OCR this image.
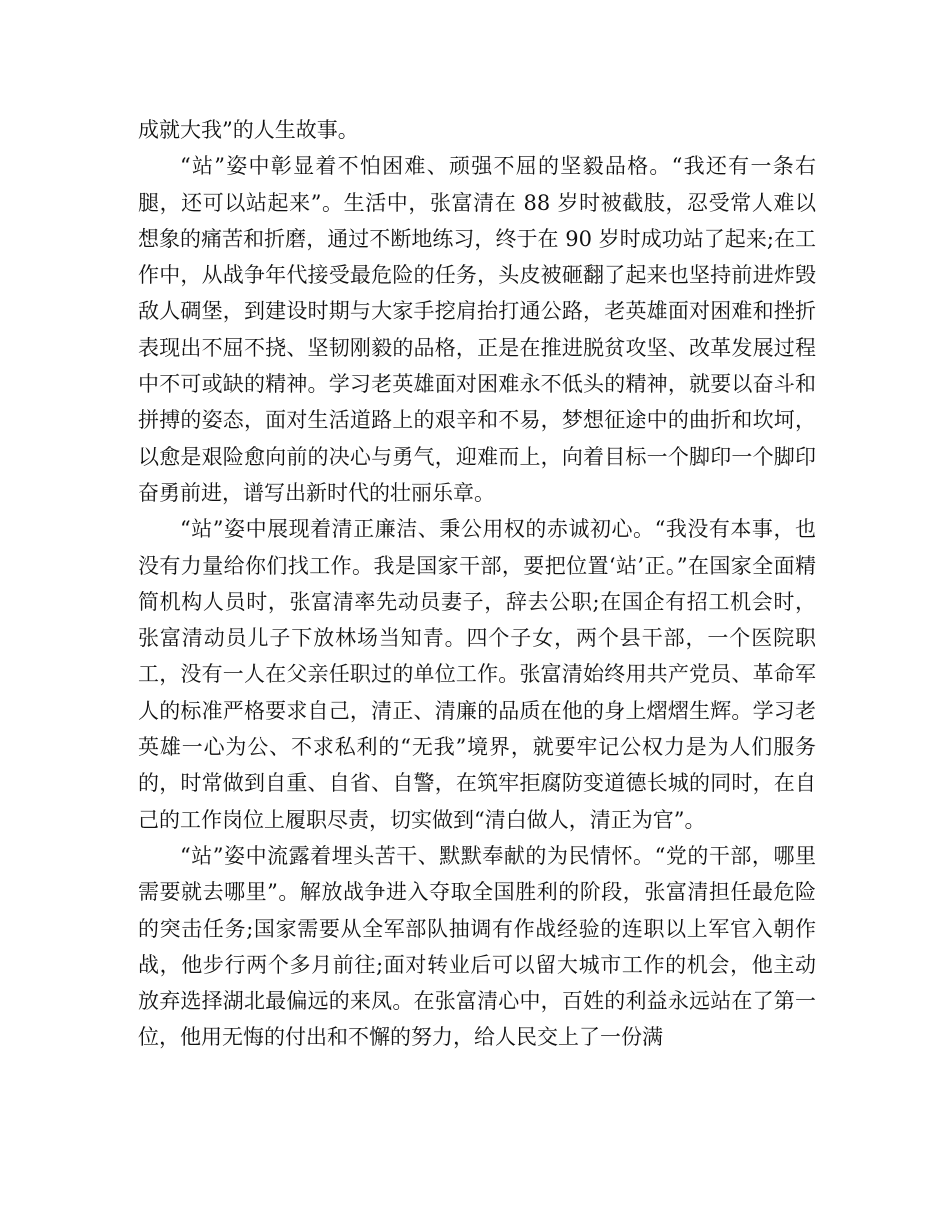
成就大我”的人生故事。

“站”姿中彰显着不怕困难、顽强不屈的坚毅品格。“我还有一条右腿，还可以站起来”。生活中，张富清在 88 岁时被截肢，忍受常人难以想象的痛苦和折磨，通过不断地练习，终于在 90 岁时成功站了起来;在工作中，从战争年代接受最危险的任务，头皮被砸翻了起来也坚持前进炸毁敌人碉堡，到建设时期与大家手挖肩抬打通公路，老英雄面对困难和挫折表现出不屈不挠、坚韧刚毅的品格，正是在推进脱贫攻坚、改革发展过程中不可或缺的精神。学习老英雄面对困难永不低头的精神，就要以奋斗和拼搏的姿态，面对生活道路上的艰辛和不易，梦想征途中的曲折和坎坷，以愈是艰险愈向前的决心与勇气，迎难而上，向着目标一个脚印一个脚印奋勇前进，谱写出新时代的壮丽乐章。

“站”姿中展现着清正廉洁、秉公用权的赤诚初心。“我没有本事，也没有力量给你们找工作。我是国家干部，要把位置‘站’正。”在国家全面精简机构人员时，张富清率先动员妻子，辞去公职;在国企有招工机会时，张富清动员儿子下放林场当知青。四个子女，两个县干部，一个医院职工，没有一人在父亲任职过的单位工作。张富清始终用共产党员、革命军人的标准严格要求自己，清正、清廉的品质在他的身上熠熠生辉。学习老英雄一心为公、不求私利的“无我”境界，就要牢记公权力是为人们服务的，时常做到自重、自省、自警，在筑牢拒腐防变道德长城的同时，在自己的工作岗位上履职尽责，切实做到“清白做人，清正为官”。

“站”姿中流露着埋头苦干、默默奉献的为民情怀。“党的干部，哪里需要就去哪里”。解放战争进入夺取全国胜利的阶段，张富清担任最危险的突击任务;国家需要从全军部队抽调有作战经验的连职以上军官入朝作战，他步行两个多月前往;面对转业后可以留大城市工作的机会，他主动放弃选择湖北最偏远的来凤。在张富清心中，百姓的利益永远站在了第一位，他用无悔的付出和不懈的努力，给人民交上了一份满
